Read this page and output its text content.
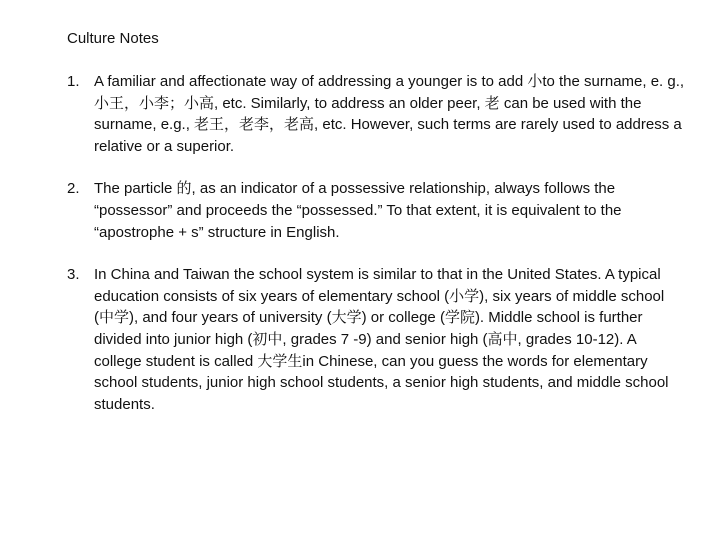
Culture Notes
1. A familiar and affectionate way of addressing a younger is to add 小to the surname, e. g., 小王，小李；小高, etc. Similarly, to address an older peer, 老 can be used with the surname, e.g., 老王，老李，老高, etc. However, such terms are rarely used to address a relative or a superior.
2. The particle 的, as an indicator of a possessive relationship, always follows the “possessor” and proceeds the “possessed.” To that extent, it is equivalent to the “apostrophe + s” structure in English.
3. In China and Taiwan the school system is similar to that in the United States. A typical education consists of six years of elementary school (小学), six years of middle school (中学), and four years of university (大学) or college (学院). Middle school is further divided into junior high (初中, grades 7 -9) and senior high (高中, grades 10-12). A college student is called 大学生in Chinese, can you guess the words for elementary school students, junior high school students, a senior high students, and middle school students.
